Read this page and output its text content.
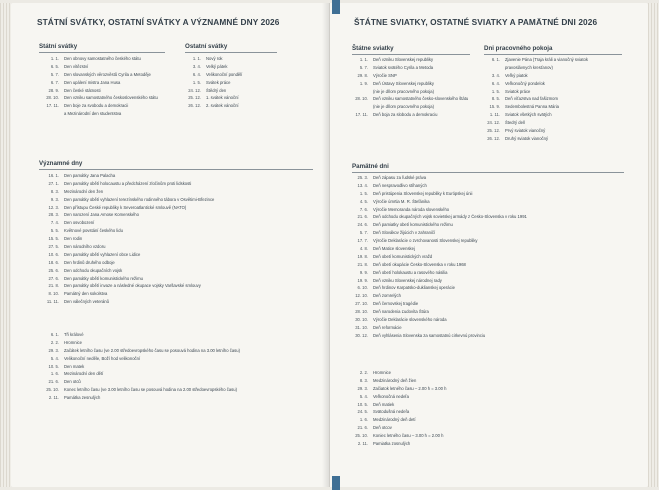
STÁTNÍ SVÁTKY, OSTATNÍ SVÁTKY A VÝZNAMNÉ DNY 2026
Státní svátky
1. 1.	Den obnovy samostatného českého státu
6. 5.	Den vítězství
5. 7.	Den slovanských věrozvěstů Cyrila a Metoděje
6. 7.	Den upálení mistra Jana Husa
28. 9.	Den české státnosti
28. 10.	Den vzniku samostatného československého státu
17. 11.	Den boje za svobodu a demokracii
a Mezinárodní den studentstva
Ostatní svátky
1. 1.	Nový rok
3. 4.	Velký pátek
6. 4.	Velikonoční pondělí
1. 5.	Svátek práce
24. 12.	Štědrý den
25. 12.	1. svátek vánoční
26. 12.	2. svátek vánoční
Významné dny
16. 1.	Den památky Jana Palacha
27. 1.	Den památky obětí holocaustu a předcházení zločinům proti lidskosti
8. 3.	Mezinárodní den žen
9. 3.	Den památky obětí vyhlazení terezínského rodinného tábora v Osvětimi-Březince
12. 3.	Den přístupu České republiky k Severoatlantické smlouvě (NATO)
28. 3.	Den narození Jana Amose Komenského
7. 4.	Den osvobození
5. 5.	Květnové povstání českého lidu
15. 5.	Den rodin
27. 5.	Den národního vzdoru
10. 6.	Den památky obětí vyhlazení obce Lidice
18. 6.	Den hrdinů druhého odboje
25. 6.	Den odchodu okupačních vojsk
27. 6.	Den památky obětí komunistického režimu
21. 8.	Den památky obětí invaze a následné okupace vojsky Varšavské smlouvy
8. 10.	Památný den sokolstva
11. 11.	Den válečných veteránů
6. 1.	Tři králové
2. 2.	Hromnice
29. 3.	Začátek letního času (ve 2.00 středoevropského času se posouvá hodina na 3.00 letního času)
5. 4.	Velikonoční neděle, Boží hod velikonoční
10. 5.	Den matek
1. 6.	Mezinárodní den dětí
21. 6.	Den otců
25. 10.	Konec letního času (ve 3.00 letního času se posouvá hodina na 2.00 středoevropského času)
2. 11.	Památka zesnulých
ŠTÁTNE SVIATKY, OSTATNÉ SVIATKY A PAMÄTNÉ DNI 2026
Štátne sviatky
1. 1.	Deň vzniku Slovenskej republiky
5. 7.	Sviatok svätého Cyrila a Metoda
29. 8.	Výročie SNP
1. 9.	Deň Ústavy Slovenskej republiky
(nie je dňom pracovného pokoja)
28. 10.	Deň vzniku samostatného česko-slovenského štátu
(nie je dňom pracovného pokoja)
17. 11.	Deň boja za slobodu a demokraciu
Dni pracovného pokoja
6. 1.	Zjavenie Pána (Traja králi a vianočný sviatok
pravoslávnych kresťanov)
3. 4.	Veľký piatok
6. 4.	Veľkonočný pondelok
1. 5.	Sviatok práce
8. 5.	Deň víťazstva nad fašizmom
15. 9.	Sedembolestná Panna Mária
1. 11.	Sviatok všetkých svätých
24. 12.	Štedrý deň
25. 12.	Prvý sviatok vianočný
26. 12.	Druhý sviatok vianočný
Pamätné dni
25. 3.	Deň zápasu za ľudské práva
13. 4.	Deň nespravodlivo stíhaných
1. 5.	Deň pristúpenia Slovenskej republiky k Európskej únii
4. 5.	Výročie úmrtia M. R. Štefánika
7. 6.	Výročie Memoranda národa slovenského
21. 6.	Deň odchodu okupačných vojsk sovietskej armády z Česko-Slovenska v roku 1991
24. 6.	Deň pamiatky obetí komunistického režimu
5. 7.	Deň Slovákov žijúcich v zahraničí
17. 7.	Výročie Deklarácie o zvrchovanosti Slovenskej republiky
4. 8.	Deň Matice slovenskej
19. 8.	Deň obetí komunistických vražd
21. 8.	Deň obetí okupácie Česko-Slovenska v roku 1968
9. 9.	Deň obetí holokaustu a rasového násilia
19. 9.	Deň vzniku Slovenskej národnej rady
6. 10.	Deň hrdinov Karpatsko-duklianskej operácie
12. 10.	Deň zomrelých
27. 10.	Deň černovskej tragédie
28. 10.	Deň narodenia Ľudovíta Štúra
30. 10.	Výročie Deklarácie slovenského národa
31. 10.	Deň reformácie
30. 12.	Deň vyhlásenia Slovenska za samostatnú cirkevnú provinciu
2. 2.	Hromnice
8. 3.	Medzinárodný deň žien
29. 3.	Začiatok letného času – 2.00 h = 3.00 h
5. 4.	Veľkonočná nedeľa
10. 5.	Deň matiek
24. 5.	Svätodušná nedeľa
1. 6.	Medzinárodný deň detí
21. 6.	Deň otcov
25. 10.	Koniec letného času – 3.00 h = 2.00 h
2. 11.	Pamiatka zosnulých
